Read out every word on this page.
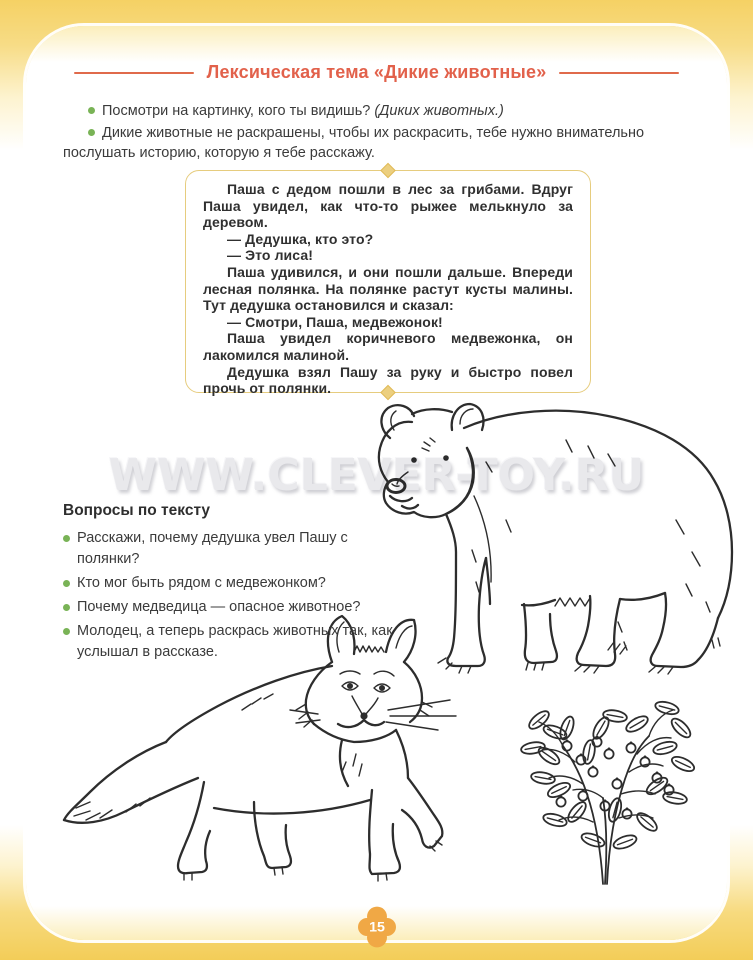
Лексическая тема «Дикие животные»

Посмотри на картинку, кого ты видишь? (Диких животных.)

Дикие животные не раскрашены, чтобы их раскрасить, тебе нужно внимательно послушать историю, которую я тебе расскажу.

Паша с дедом пошли в лес за грибами. Вдруг Паша увидел, как что-то рыжее мелькнуло за деревом.

— Дедушка, кто это?

— Это лиса!

Паша удивился, и они пошли дальше. Впереди лесная полянка. На полянке растут кусты малины. Тут дедушка остановился и сказал:

— Смотри, Паша, медвежонок!

Паша увидел коричневого медвежонка, он лакомился малиной.

Дедушка взял Пашу за руку и быстро повел прочь от полянки.

Вопросы по тексту
Расскажи, почему дедушка увел Пашу с полянки?
Кто мог быть рядом с медвежонком?
Почему медведица — опасное животное?
Молодец, а теперь раскрась животных так, как услышал в рассказе.
WWW.CLEVER-TOY.RU
15
